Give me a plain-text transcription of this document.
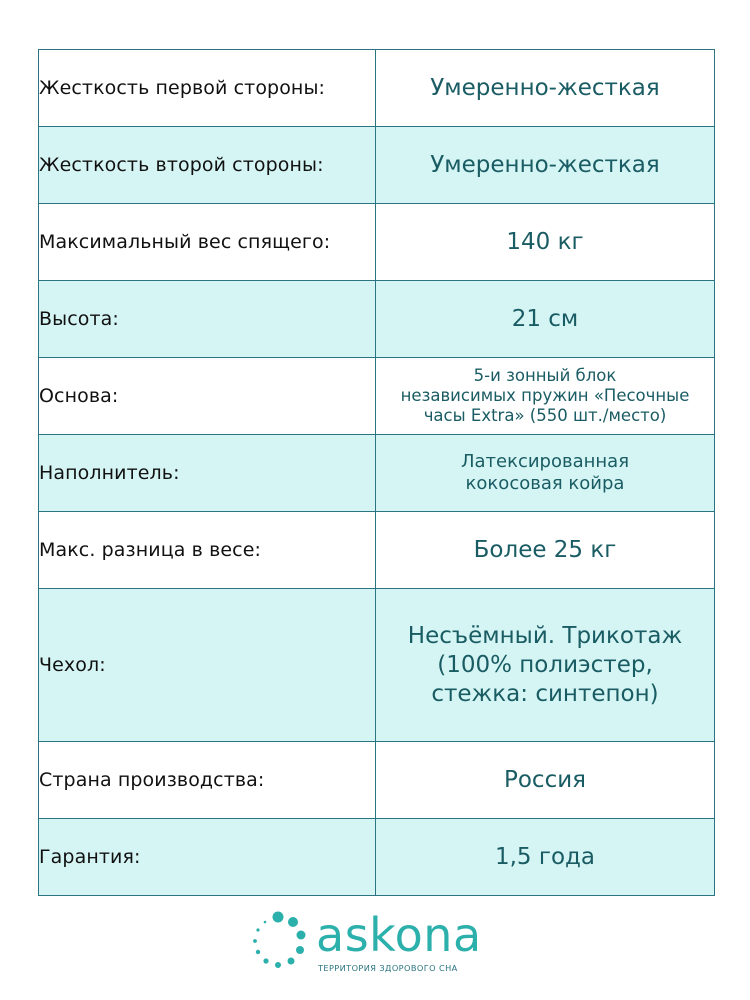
Жесткость первой стороны:	Умеренно-жесткая
Жесткость второй стороны:	Умеренно-жесткая
Максимальный вес спящего:	140 кг
Высота:	21 см
Основа:	5-и зонный блок
независимых пружин «Песочные
часы Extra» (550 шт./место)
Наполнитель:	Латексированная
кокосовая койра
Макс. разница в весе:	Более 25 кг
Чехол:	Несъёмный. Трикотаж
(100% полиэстер,
стежка: синтепон)
Страна производства:	Россия
Гарантия:	1,5 года
askona
ТЕРРИТОРИЯ ЗДОРОВОГО СНА
